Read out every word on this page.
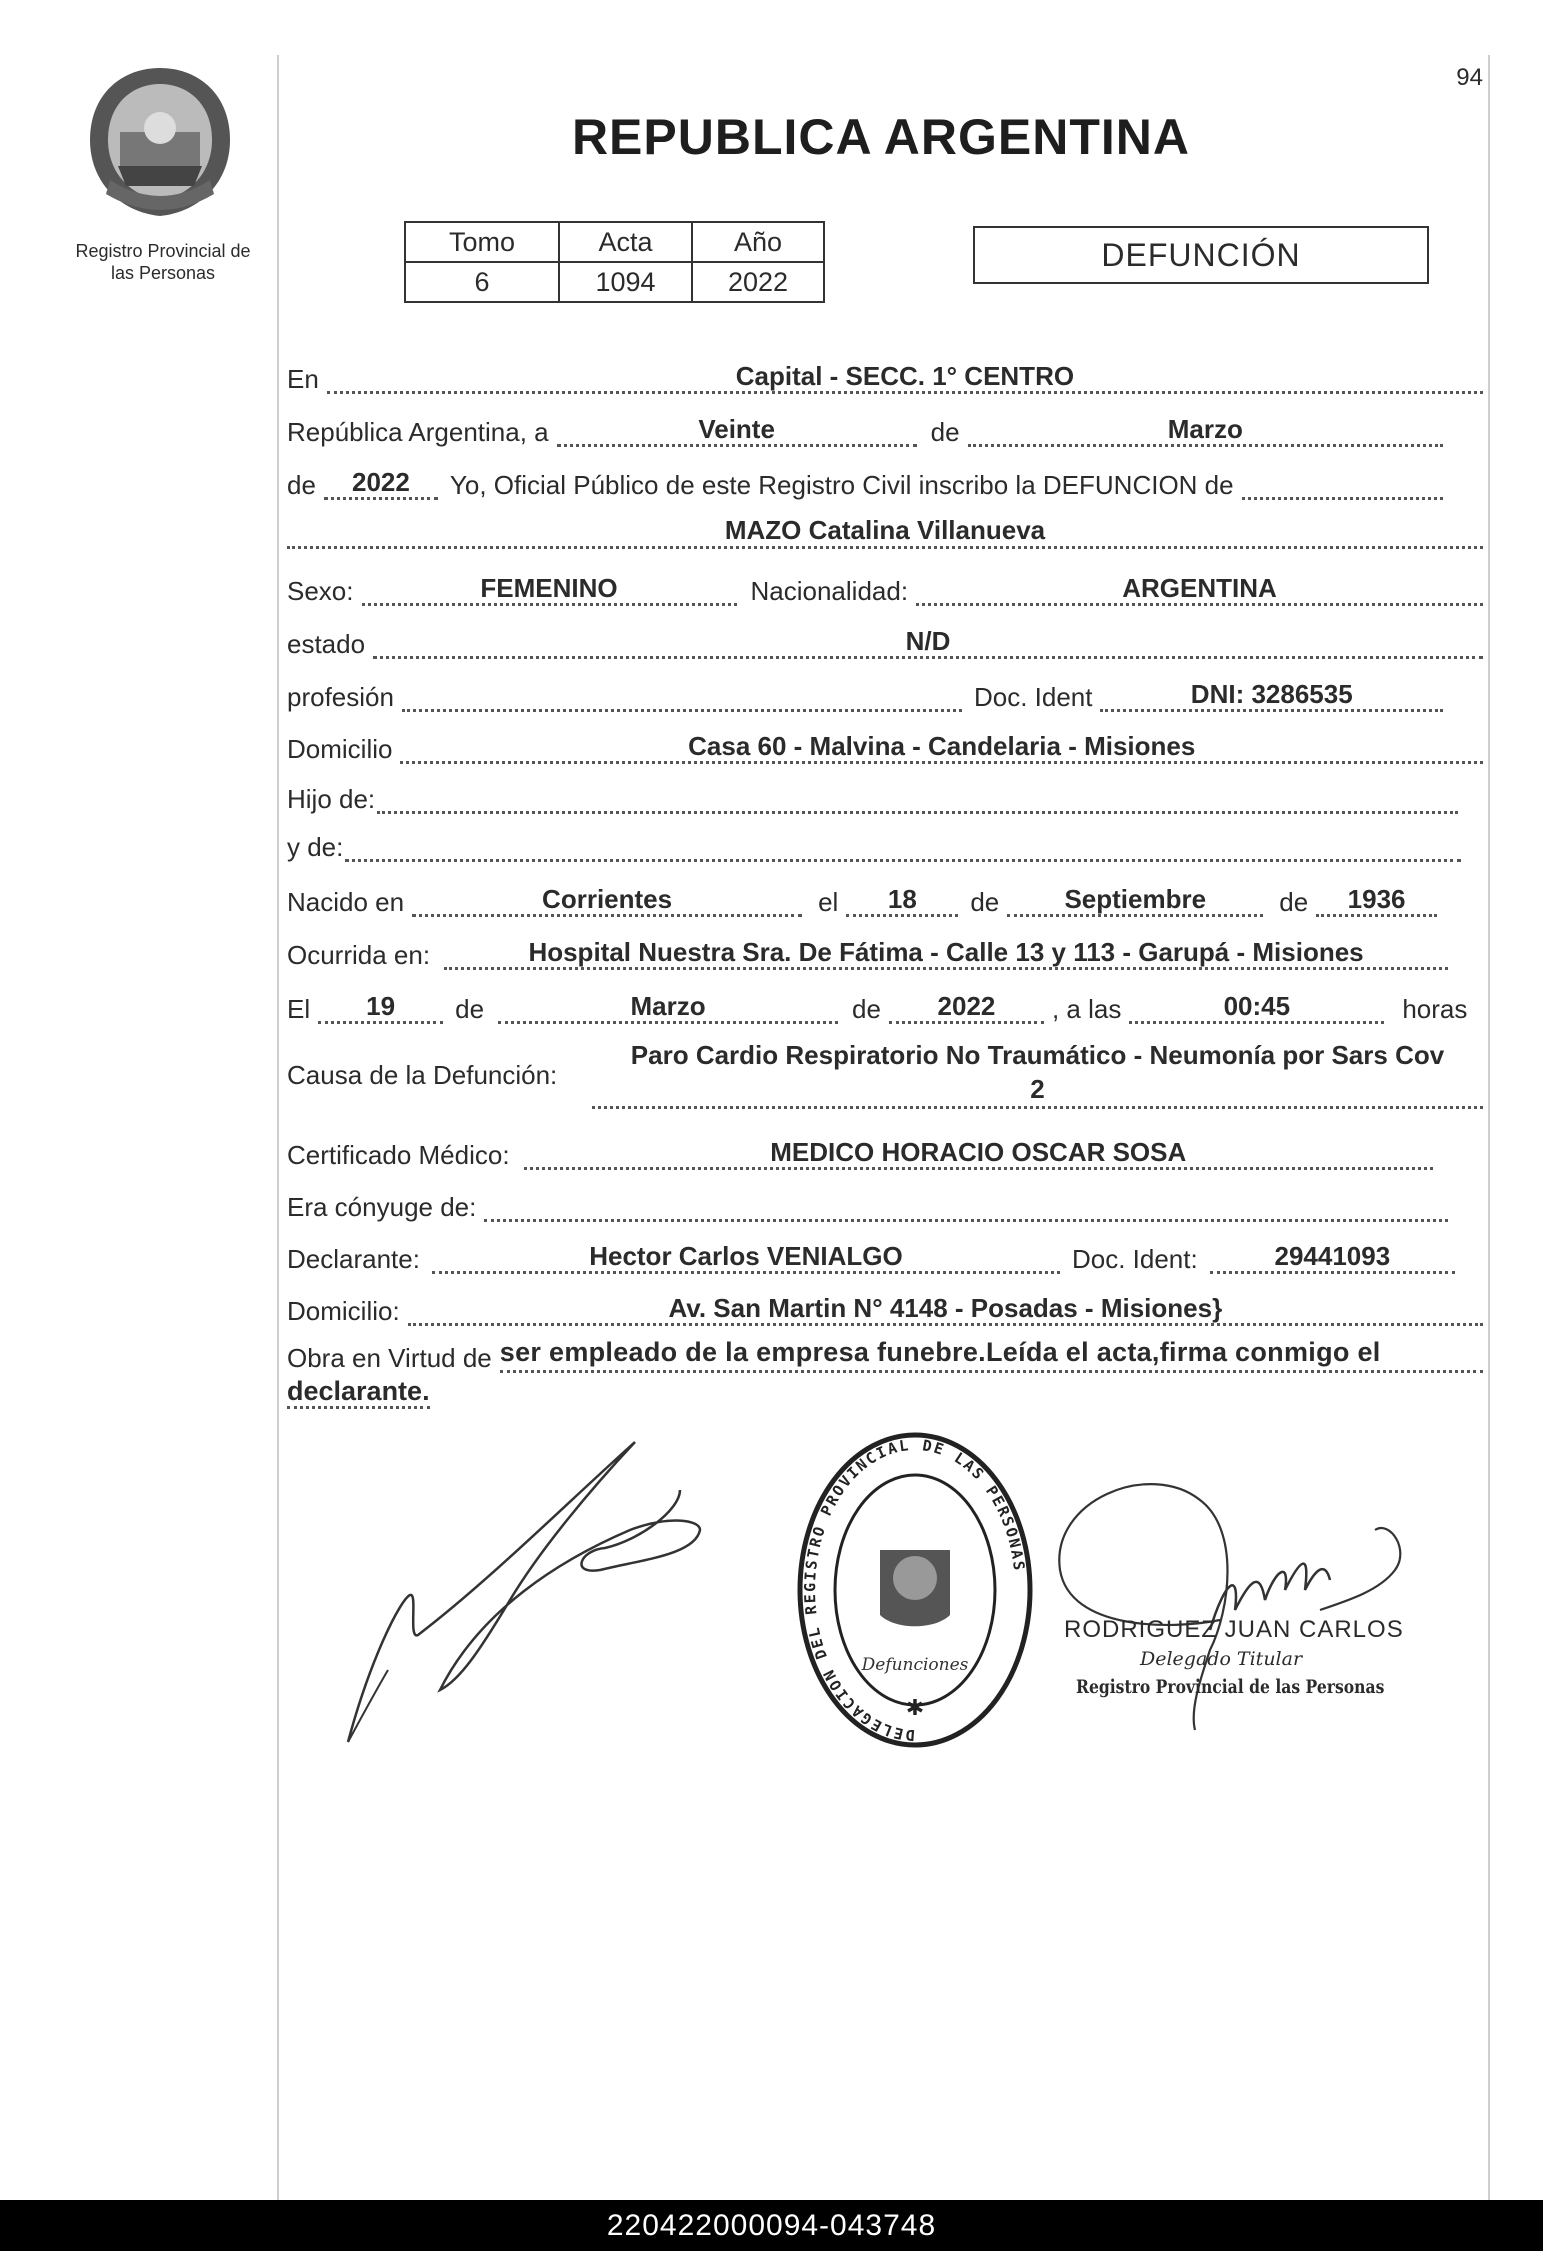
94
Registro Provincial de
las Personas
REPUBLICA ARGENTINA
Tomo	Acta	Año
6	1094	2022
DEFUNCIÓN
En	Capital - SECC. 1° CENTRO
República Argentina, a	Veinte	de	Marzo
de	2022	Yo, Oficial Público de este Registro Civil inscribo la DEFUNCION de
MAZO Catalina Villanueva
Sexo:	FEMENINO	Nacionalidad:	ARGENTINA
estado	N/D
profesión	Doc. Ident	DNI: 3286535
Domicilio	Casa 60 - Malvina - Candelaria - Misiones
Hijo de:
y de:
Nacido en	Corrientes	el	18	de	Septiembre	de	1936
Ocurrida en:	Hospital Nuestra Sra. De Fátima - Calle 13 y 113 - Garupá - Misiones
El	19	de	Marzo	de	2022	, a las	00:45	horas
Causa de la Defunción:
Paro Cardio Respiratorio No Traumático - Neumonía por Sars Cov
2
Certificado Médico:	MEDICO HORACIO OSCAR SOSA
Era cónyuge de:
Declarante:	Hector Carlos VENIALGO	Doc. Ident:	29441093
Domicilio:	Av. San Martin N° 4148 - Posadas - Misiones}
Obra en Virtud de ser empleado de la empresa funebre.Leída el acta,firma conmigo el
declarante.
DELEGACION DEL REGISTRO PROVINCIAL DE LAS PERSONAS
Defunciones
✱
RODRIGUEZ JUAN CARLOS
Delegado Titular
Registro Provincial de las Personas
220422000094-043748
